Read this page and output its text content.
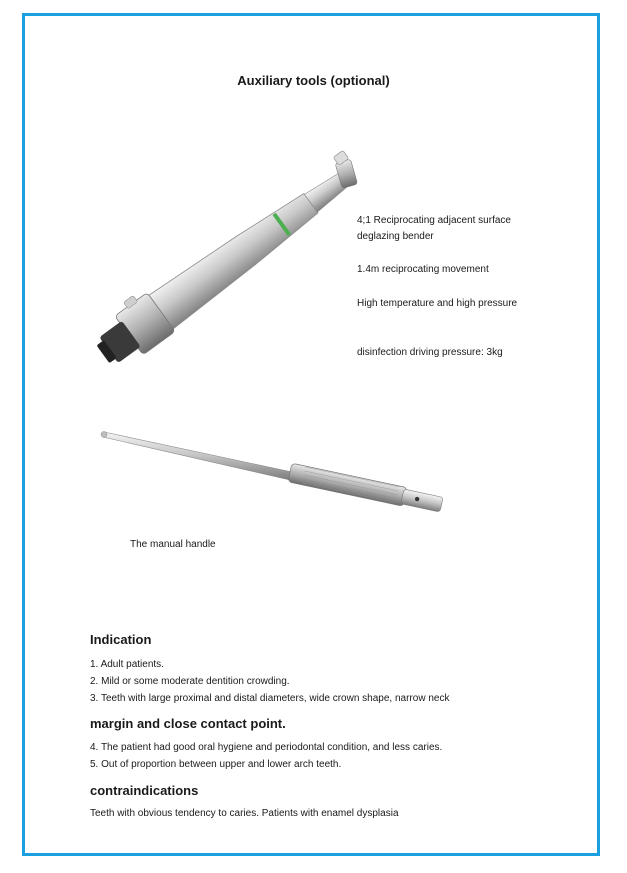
Auxiliary tools (optional)
4;1 Reciprocating adjacent surface deglazing bender
1.4m reciprocating movement
High temperature and high pressure
disinfection driving pressure: 3kg
The manual handle
Indication
1. Adult patients.
2. Mild or some moderate dentition crowding.
3. Teeth with large proximal and distal diameters, wide crown shape, narrow neck
margin and close contact point.
4. The patient had good oral hygiene and periodontal condition, and less caries.
5. Out of proportion between upper and lower arch teeth.
contraindications
Teeth with obvious tendency to caries. Patients with enamel dysplasia
